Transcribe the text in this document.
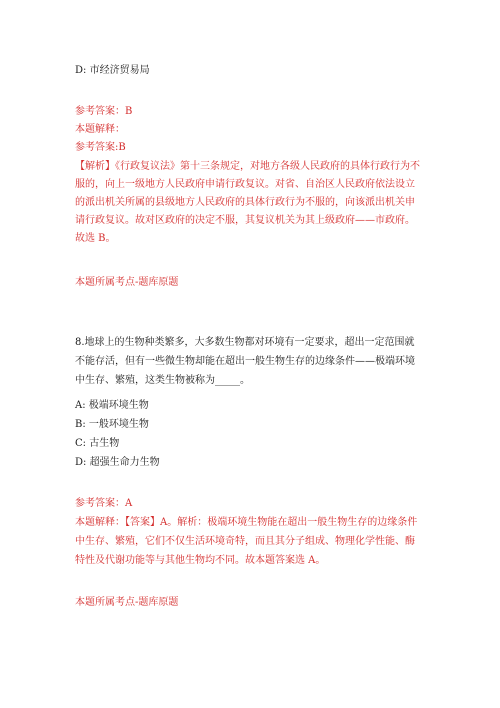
D: 市经济贸易局
参考答案：B
本题解释：
参考答案:B
【解析】《行政复议法》第十三条规定，对地方各级人民政府的具体行政行为不
服的，向上一级地方人民政府申请行政复议。对省、自治区人民政府依法设立
的派出机关所属的县级地方人民政府的具体行政行为不服的，向该派出机关申
请行政复议。故对区政府的决定不服，其复议机关为其上级政府——市政府。
故选 B。
本题所属考点-题库原题
8.地球上的生物种类繁多，大多数生物都对环境有一定要求，超出一定范围就
不能存活，但有一些微生物却能在超出一般生物生存的边缘条件——极端环境
中生存、繁殖，这类生物被称为_____。
A: 极端环境生物
B: 一般环境生物
C: 古生物
D: 超强生命力生物
参考答案：A
本题解释：【答案】A。解析：极端环境生物能在超出一般生物生存的边缘条件
中生存、繁殖，它们不仅生活环境奇特，而且其分子组成、物理化学性能、酶
特性及代谢功能等与其他生物均不同。故本题答案选 A。
本题所属考点-题库原题
